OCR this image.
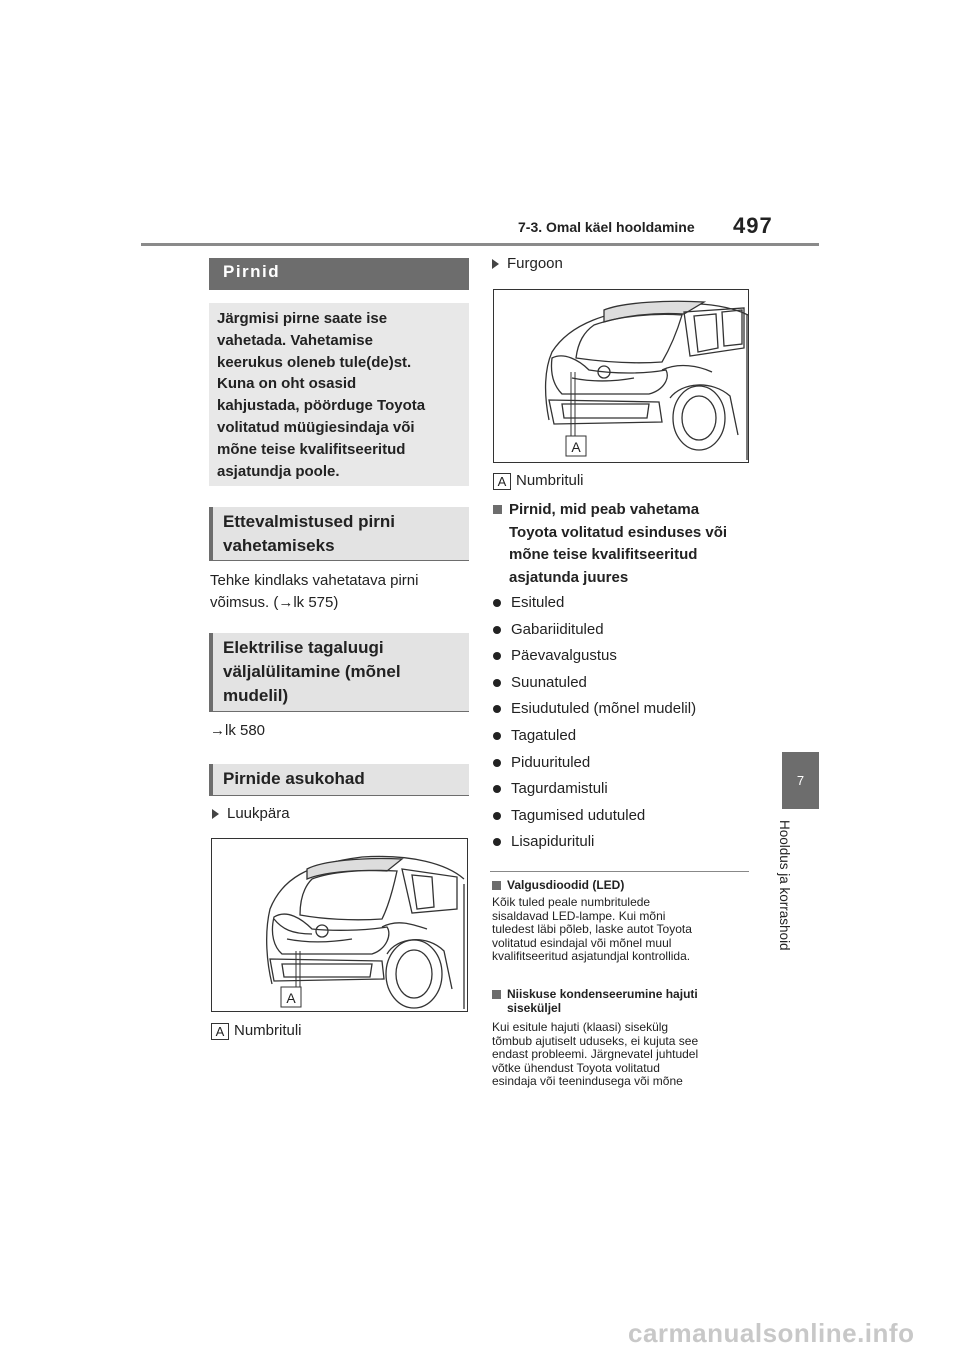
7-3. Omal käel hooldamine 497
7
Hooldus ja korrashoid
Pirnid
Järgmisi pirne saate ise
vahetada. Vahetamise
keerukus oleneb tule(de)st.
Kuna on oht osasid
kahjustada, pöörduge Toyota
volitatud müügiesindaja või
mõne teise kvalifitseeritud
asjatundja poole.
Ettevalmistused pirni
vahetamiseks
Tehke kindlaks vahetatava pirni
võimsus. (→lk 575)
Elektrilise tagaluugi
väljalülitamine (mõnel
mudelil)
→lk 580
Pirnide asukohad
Luukpära
A
A Numbrituli
Furgoon
A
A Numbrituli
Pirnid, mid peab vahetama
Toyota volitatud esinduses või
mõne teise kvalifitseeritud
asjatunda juures
Esituled
Gabariidituled
Päevavalgustus
Suunatuled
Esiudutuled (mõnel mudelil)
Tagatuled
Piduurituled
Tagurdamistuli
Tagumised udutuled
Lisapidurituli
Valgusdioodid (LED)
Kõik tuled peale numbritulede
sisaldavad LED-lampe. Kui mõni
tuledest läbi põleb, laske autot Toyota
volitatud esindajal või mõnel muul
kvalifitseeritud asjatundjal kontrollida.
Niiskuse kondenseerumine hajuti
siseküljel
Kui esitule hajuti (klaasi) sisekülg
tõmbub ajutiselt uduseks, ei kujuta see
endast probleemi. Järgnevatel juhtudel
võtke ühendust Toyota volitatud
esindaja või teenindusega või mõne
carmanualsonline.info
